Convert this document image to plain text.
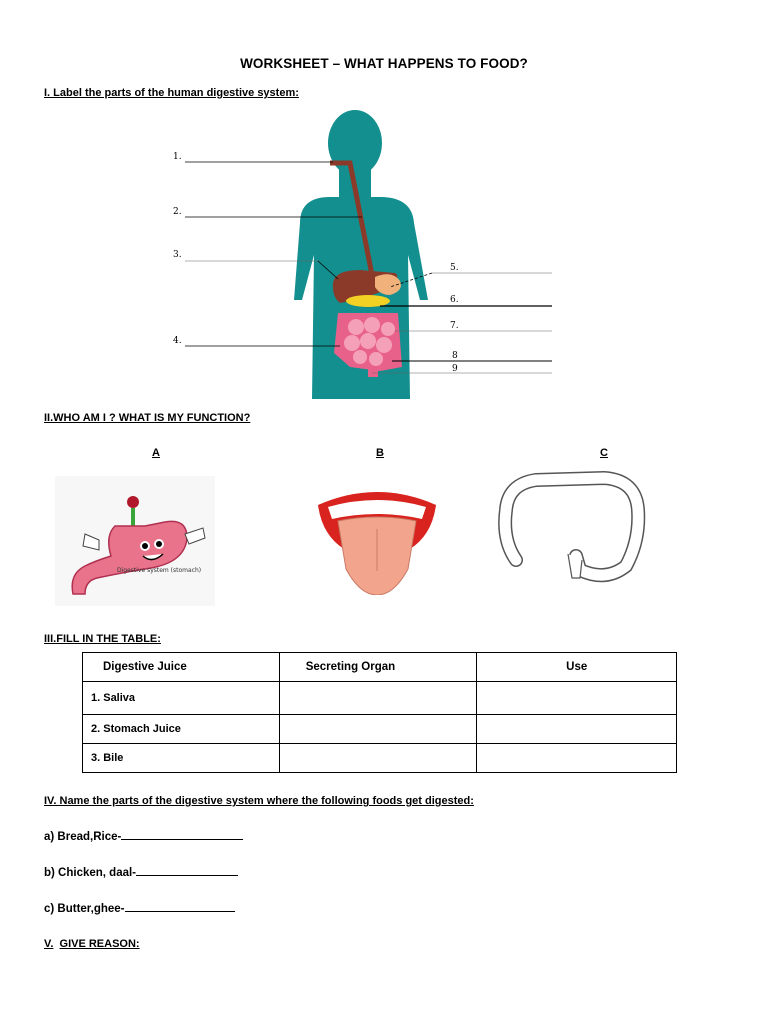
WORKSHEET – WHAT HAPPENS TO FOOD?
I. Label the parts of the human digestive system:
1.
2.
3.
4.
5.
6.
7.
8
9
II.WHO AM I ? WHAT IS MY FUNCTION?
A	B	C
Digestive system (stomach)
III.FILL IN THE TABLE:
Digestive Juice	Secreting Organ	Use
1. Saliva		
2. Stomach Juice		
3. Bile		
IV. Name the parts of the digestive system where the following foods get digested:
a) Bread,Rice-
b) Chicken, daal-
c) Butter,ghee-
V. GIVE REASON:
